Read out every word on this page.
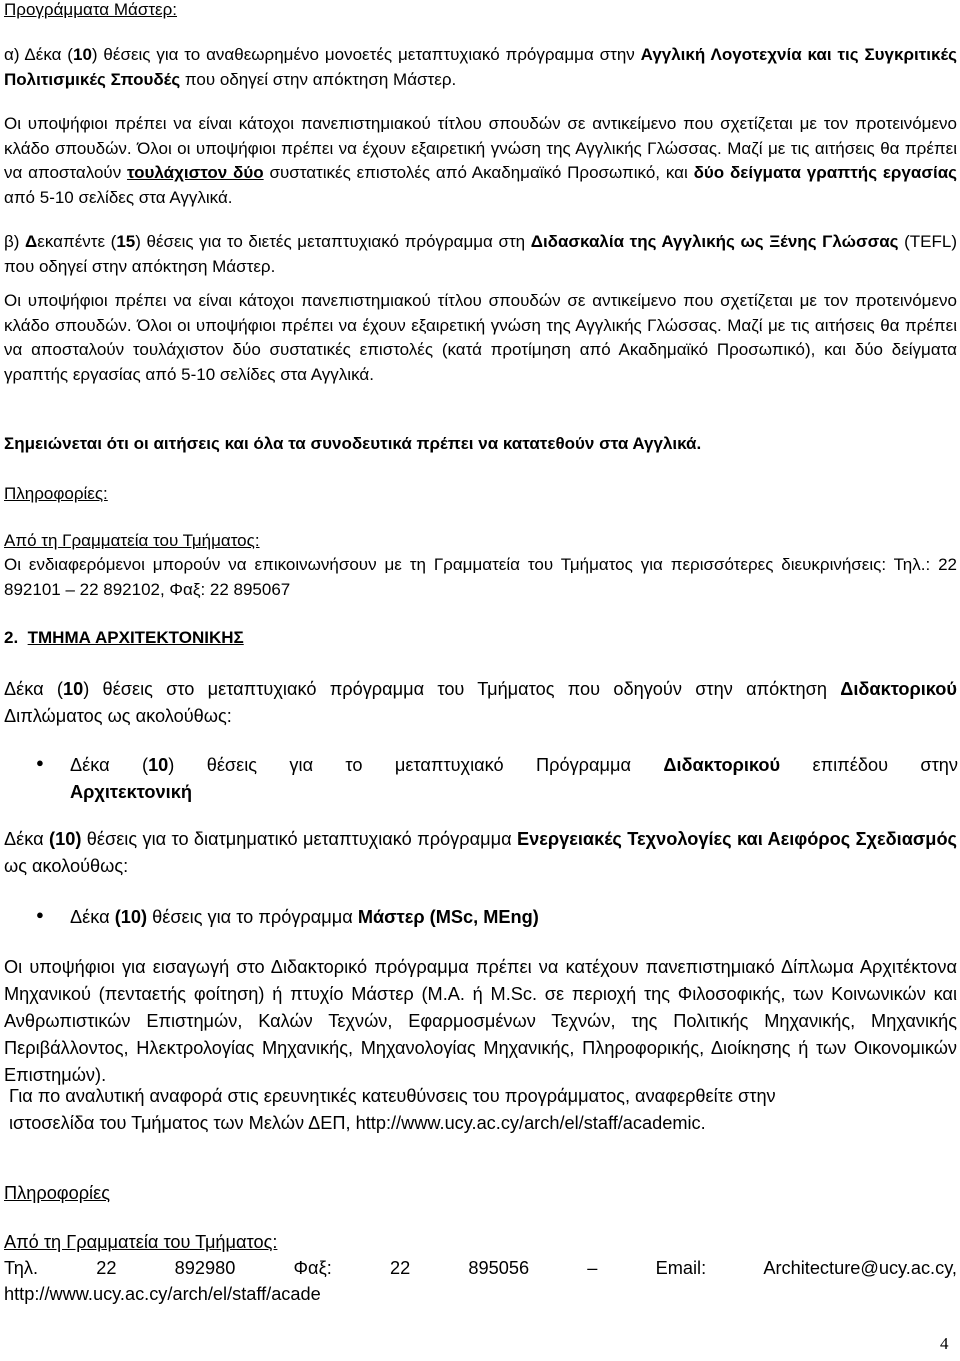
Προγράμματα Μάστερ:

α) Δέκα (10) θέσεις για το αναθεωρημένο μονοετές μεταπτυχιακό πρόγραμμα στην Αγγλική Λογοτεχνία και τις Συγκριτικές Πολιτισμικές Σπουδές που οδηγεί στην απόκτηση Μάστερ.

Οι υποψήφιοι πρέπει να είναι κάτοχοι πανεπιστημιακού τίτλου σπουδών σε αντικείμενο που σχετίζεται με τον προτεινόμενο κλάδο σπουδών. Όλοι οι υποψήφιοι πρέπει να έχουν εξαιρετική γνώση της Αγγλικής Γλώσσας. Μαζί με τις αιτήσεις θα πρέπει να αποσταλούν τουλάχιστον δύο συστατικές επιστολές από Ακαδημαϊκό Προσωπικό, και δύο δείγματα γραπτής εργασίας από 5-10 σελίδες στα Αγγλικά.

β) Δεκαπέντε (15) θέσεις για το διετές μεταπτυχιακό πρόγραμμα στη Διδασκαλία της Αγγλικής ως Ξένης Γλώσσας (TEFL) που οδηγεί στην απόκτηση Μάστερ.

Οι υποψήφιοι πρέπει να είναι κάτοχοι πανεπιστημιακού τίτλου σπουδών σε αντικείμενο που σχετίζεται με τον προτεινόμενο κλάδο σπουδών. Όλοι οι υποψήφιοι πρέπει να έχουν εξαιρετική γνώση της Αγγλικής Γλώσσας. Μαζί με τις αιτήσεις θα πρέπει να αποσταλούν τουλάχιστον δύο συστατικές επιστολές (κατά προτίμηση από Ακαδημαϊκό Προσωπικό), και δύο δείγματα γραπτής εργασίας από 5-10 σελίδες στα Αγγλικά.

Σημειώνεται ότι οι αιτήσεις και όλα τα συνοδευτικά πρέπει να κατατεθούν στα Αγγλικά.

Πληροφορίες:

Από τη Γραμματεία του Τμήματος:

Οι ενδιαφερόμενοι μπορούν να επικοινωνήσουν με τη Γραμματεία του Τμήματος για περισσότερες διευκρινήσεις: Τηλ.: 22 892101 – 22 892102, Φαξ: 22 895067

2. ΤΜΗΜΑ ΑΡΧΙΤΕΚΤΟΝΙΚΗΣ

Δέκα (10) θέσεις στο μεταπτυχιακό πρόγραμμα του Τμήματος που οδηγούν στην απόκτηση Διδακτορικού Διπλώματος ως ακολούθως:

● Δέκα (10) θέσεις για το μεταπτυχιακό Πρόγραμμα Διδακτορικού επιπέδου στην

Αρχιτεκτονική

Δέκα (10) θέσεις για το διατμηματικό μεταπτυχιακό πρόγραμμα Ενεργειακές Τεχνολογίες και Αειφόρος Σχεδιασμός ως ακολούθως:

● Δέκα (10) θέσεις για το πρόγραμμα Μάστερ (MSc, MEng)

Οι υποψήφιοι για εισαγωγή στο Διδακτορικό πρόγραμμα πρέπει να κατέχουν πανεπιστημιακό Δίπλωμα Αρχιτέκτονα Μηχανικού (πενταετής φοίτηση) ή πτυχίο Μάστερ (M.A. ή M.Sc. σε περιοχή της Φιλοσοφικής, των Κοινωνικών και Ανθρωπιστικών Επιστημών, Καλών Τεχνών, Εφαρμοσμένων Τεχνών, της Πολιτικής Μηχανικής, Μηχανικής Περιβάλλοντος, Ηλεκτρολογίας Μηχανικής, Μηχανολογίας Μηχανικής, Πληροφορικής, Διοίκησης ή των Οικονομικών Επιστημών).

Για πο αναλυτική αναφορά στις ερευνητικές κατευθύνσεις του προγράμματος, αναφερθείτε στην

ιστοσελίδα του Τμήματος των Μελών ΔΕΠ, http://www.ucy.ac.cy/arch/el/staff/academic.

Πληροφορίες

Από τη Γραμματεία του Τμήματος:

Τηλ. 22 892980 Φαξ: 22 895056 – Email:	Architecture@ucy.ac.cy,

http://www.ucy.ac.cy/arch/el/staff/acade

4
